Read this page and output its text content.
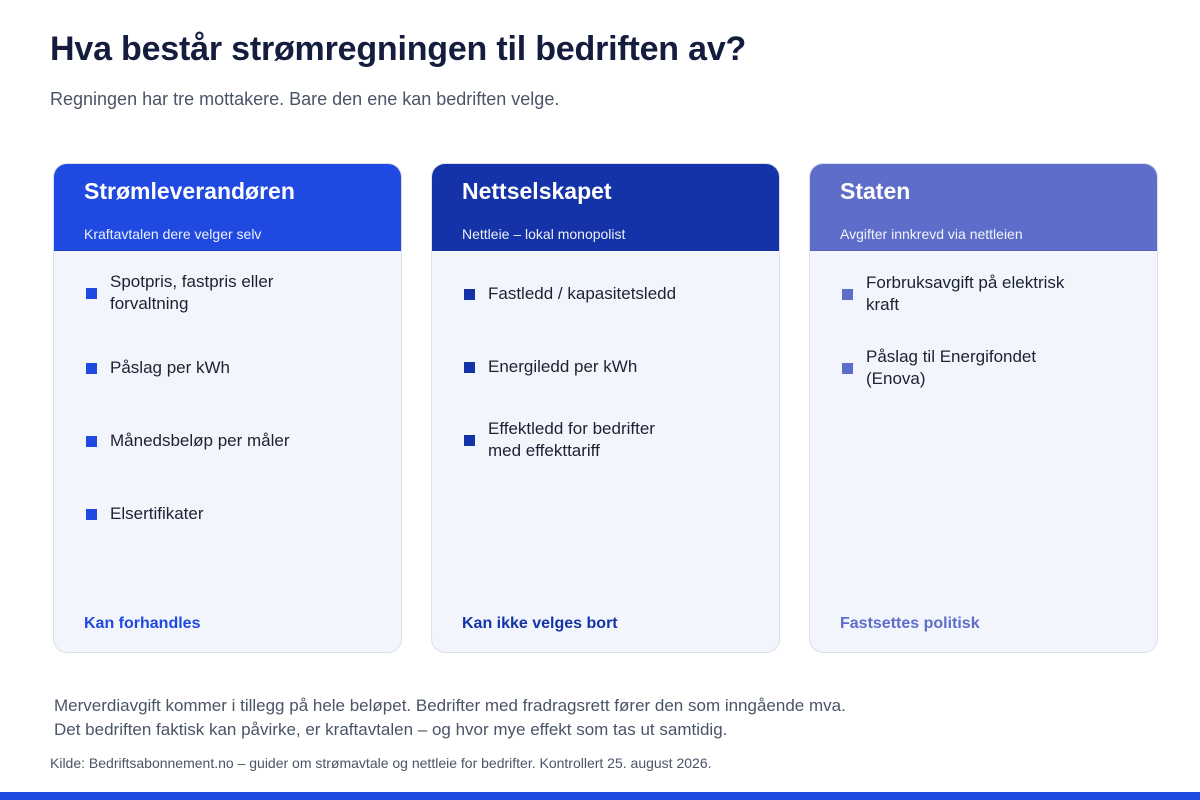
Hva består strømregningen til bedriften av?

Regningen har tre mottakere. Bare den ene kan bedriften velge.

Strømleverandøren
Kraftavtalen dere velger selv
Spotpris, fastpris eller forvaltning
Påslag per kWh
Månedsbeløp per måler
Elsertifikater
Kan forhandles
Nettselskapet
Nettleie – lokal monopolist
Fastledd / kapasitetsledd
Energiledd per kWh
Effektledd for bedrifter med effekttariff
Kan ikke velges bort
Staten
Avgifter innkrevd via nettleien
Forbruksavgift på elektrisk kraft
Påslag til Energifondet (Enova)
Fastsettes politisk
Merverdiavgift kommer i tillegg på hele beløpet. Bedrifter med fradragsrett fører den som inngående mva.
Det bedriften faktisk kan påvirke, er kraftavtalen – og hvor mye effekt som tas ut samtidig.
Kilde: Bedriftsabonnement.no – guider om strømavtale og nettleie for bedrifter. Kontrollert 25. august 2026.
